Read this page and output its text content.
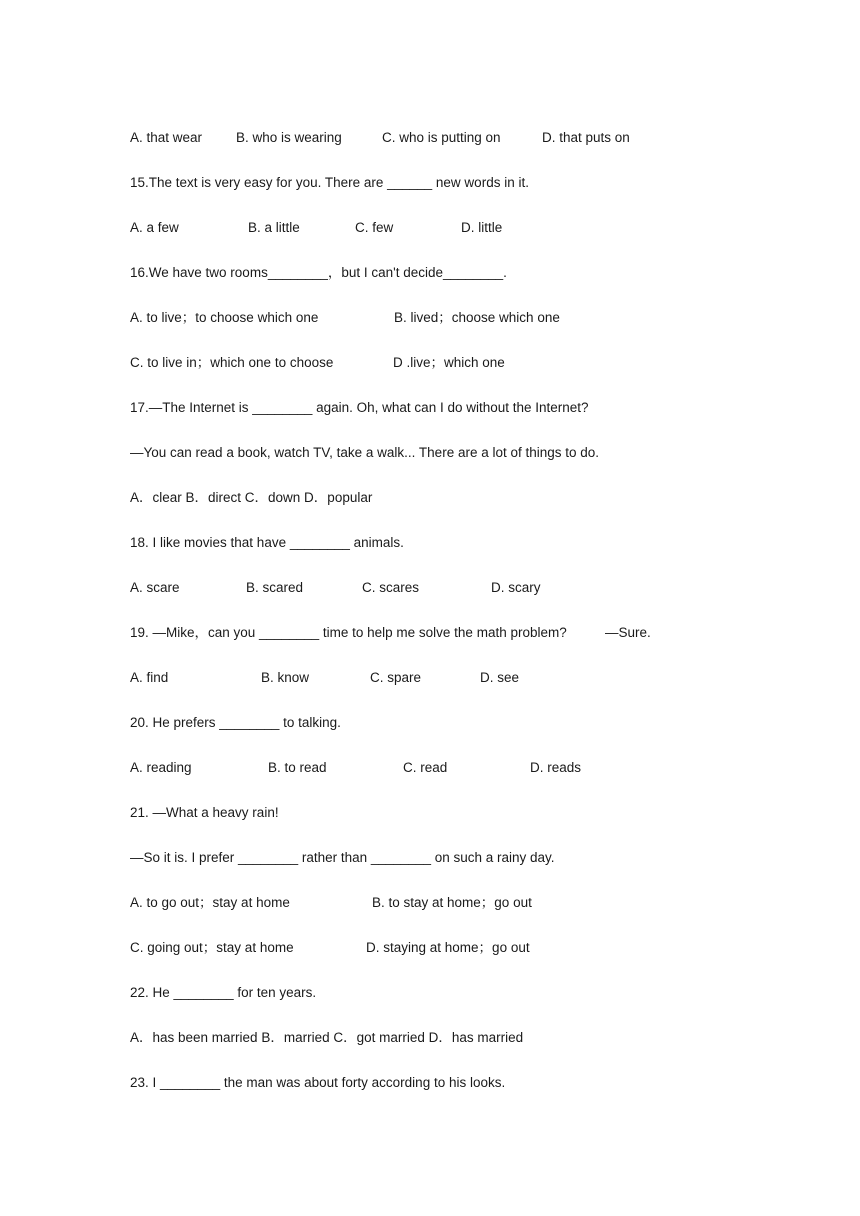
A. that wear

	B. who is wearing

	C. who is putting on

	D. that puts on

15.The text is very easy for you. There are ______ new words in it.

A. a few

	B. a little

	C. few

	D. little

16.We have two rooms________，but I can't decide________.

A. to live；to choose which one

	B. lived；choose which one

C. to live in；which one to choose

	D .live；which one

17.—The Internet is ________ again. Oh, what can I do without the Internet?

—You can read a book, watch TV, take a walk... There are a lot of things to do.

A．clear B．direct C．down D．popular

18. I like movies that have ________ animals.

A. scare

	B. scared

	C. scares

	D. scary

19. —Mike，can you ________ time to help me solve the math problem?

	—Sure.

A. find

	B. know

	C. spare

	D. see

20. He prefers ________ to talking.

A. reading

	B. to read

	C. read

	D. reads

21. —What a heavy rain!

—So it is. I prefer ________ rather than ________ on such a rainy day.

A. to go out；stay at home

	B. to stay at home；go out

C. going out；stay at home

	D. staying at home；go out

22. He ________ for ten years.

A．has been married B．married C．got married D．has married

23. I ________ the man was about forty according to his looks.
